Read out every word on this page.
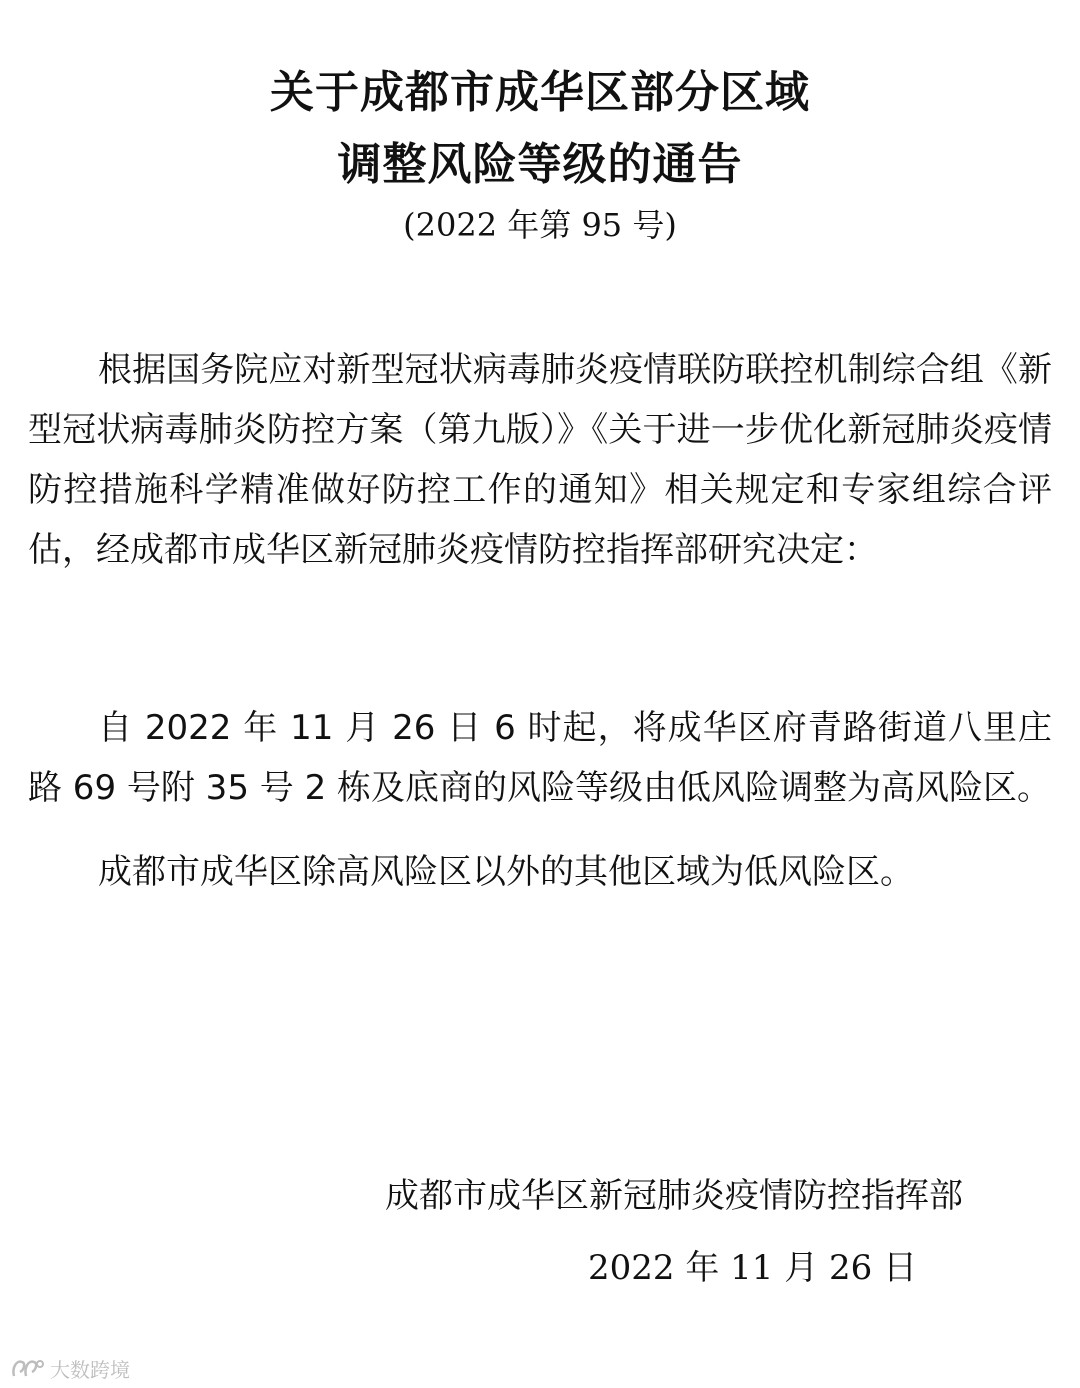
关于成都市成华区部分区域
调整风险等级的通告
(2022 年第 95 号)

根据国务院应对新型冠状病毒肺炎疫情联防联控机制综合组《新型冠状病毒肺炎防控方案（第九版）》《关于进一步优化新冠肺炎疫情防控措施科学精准做好防控工作的通知》相关规定和专家组综合评估，经成都市成华区新冠肺炎疫情防控指挥部研究决定：

自 2022 年 11 月 26 日 6 时起，将成华区府青路街道八里庄路 69 号附 35 号 2 栋及底商的风险等级由低风险调整为高风险区。

成都市成华区除高风险区以外的其他区域为低风险区。

成都市成华区新冠肺炎疫情防控指挥部
2022 年 11 月 26 日
大数跨境
